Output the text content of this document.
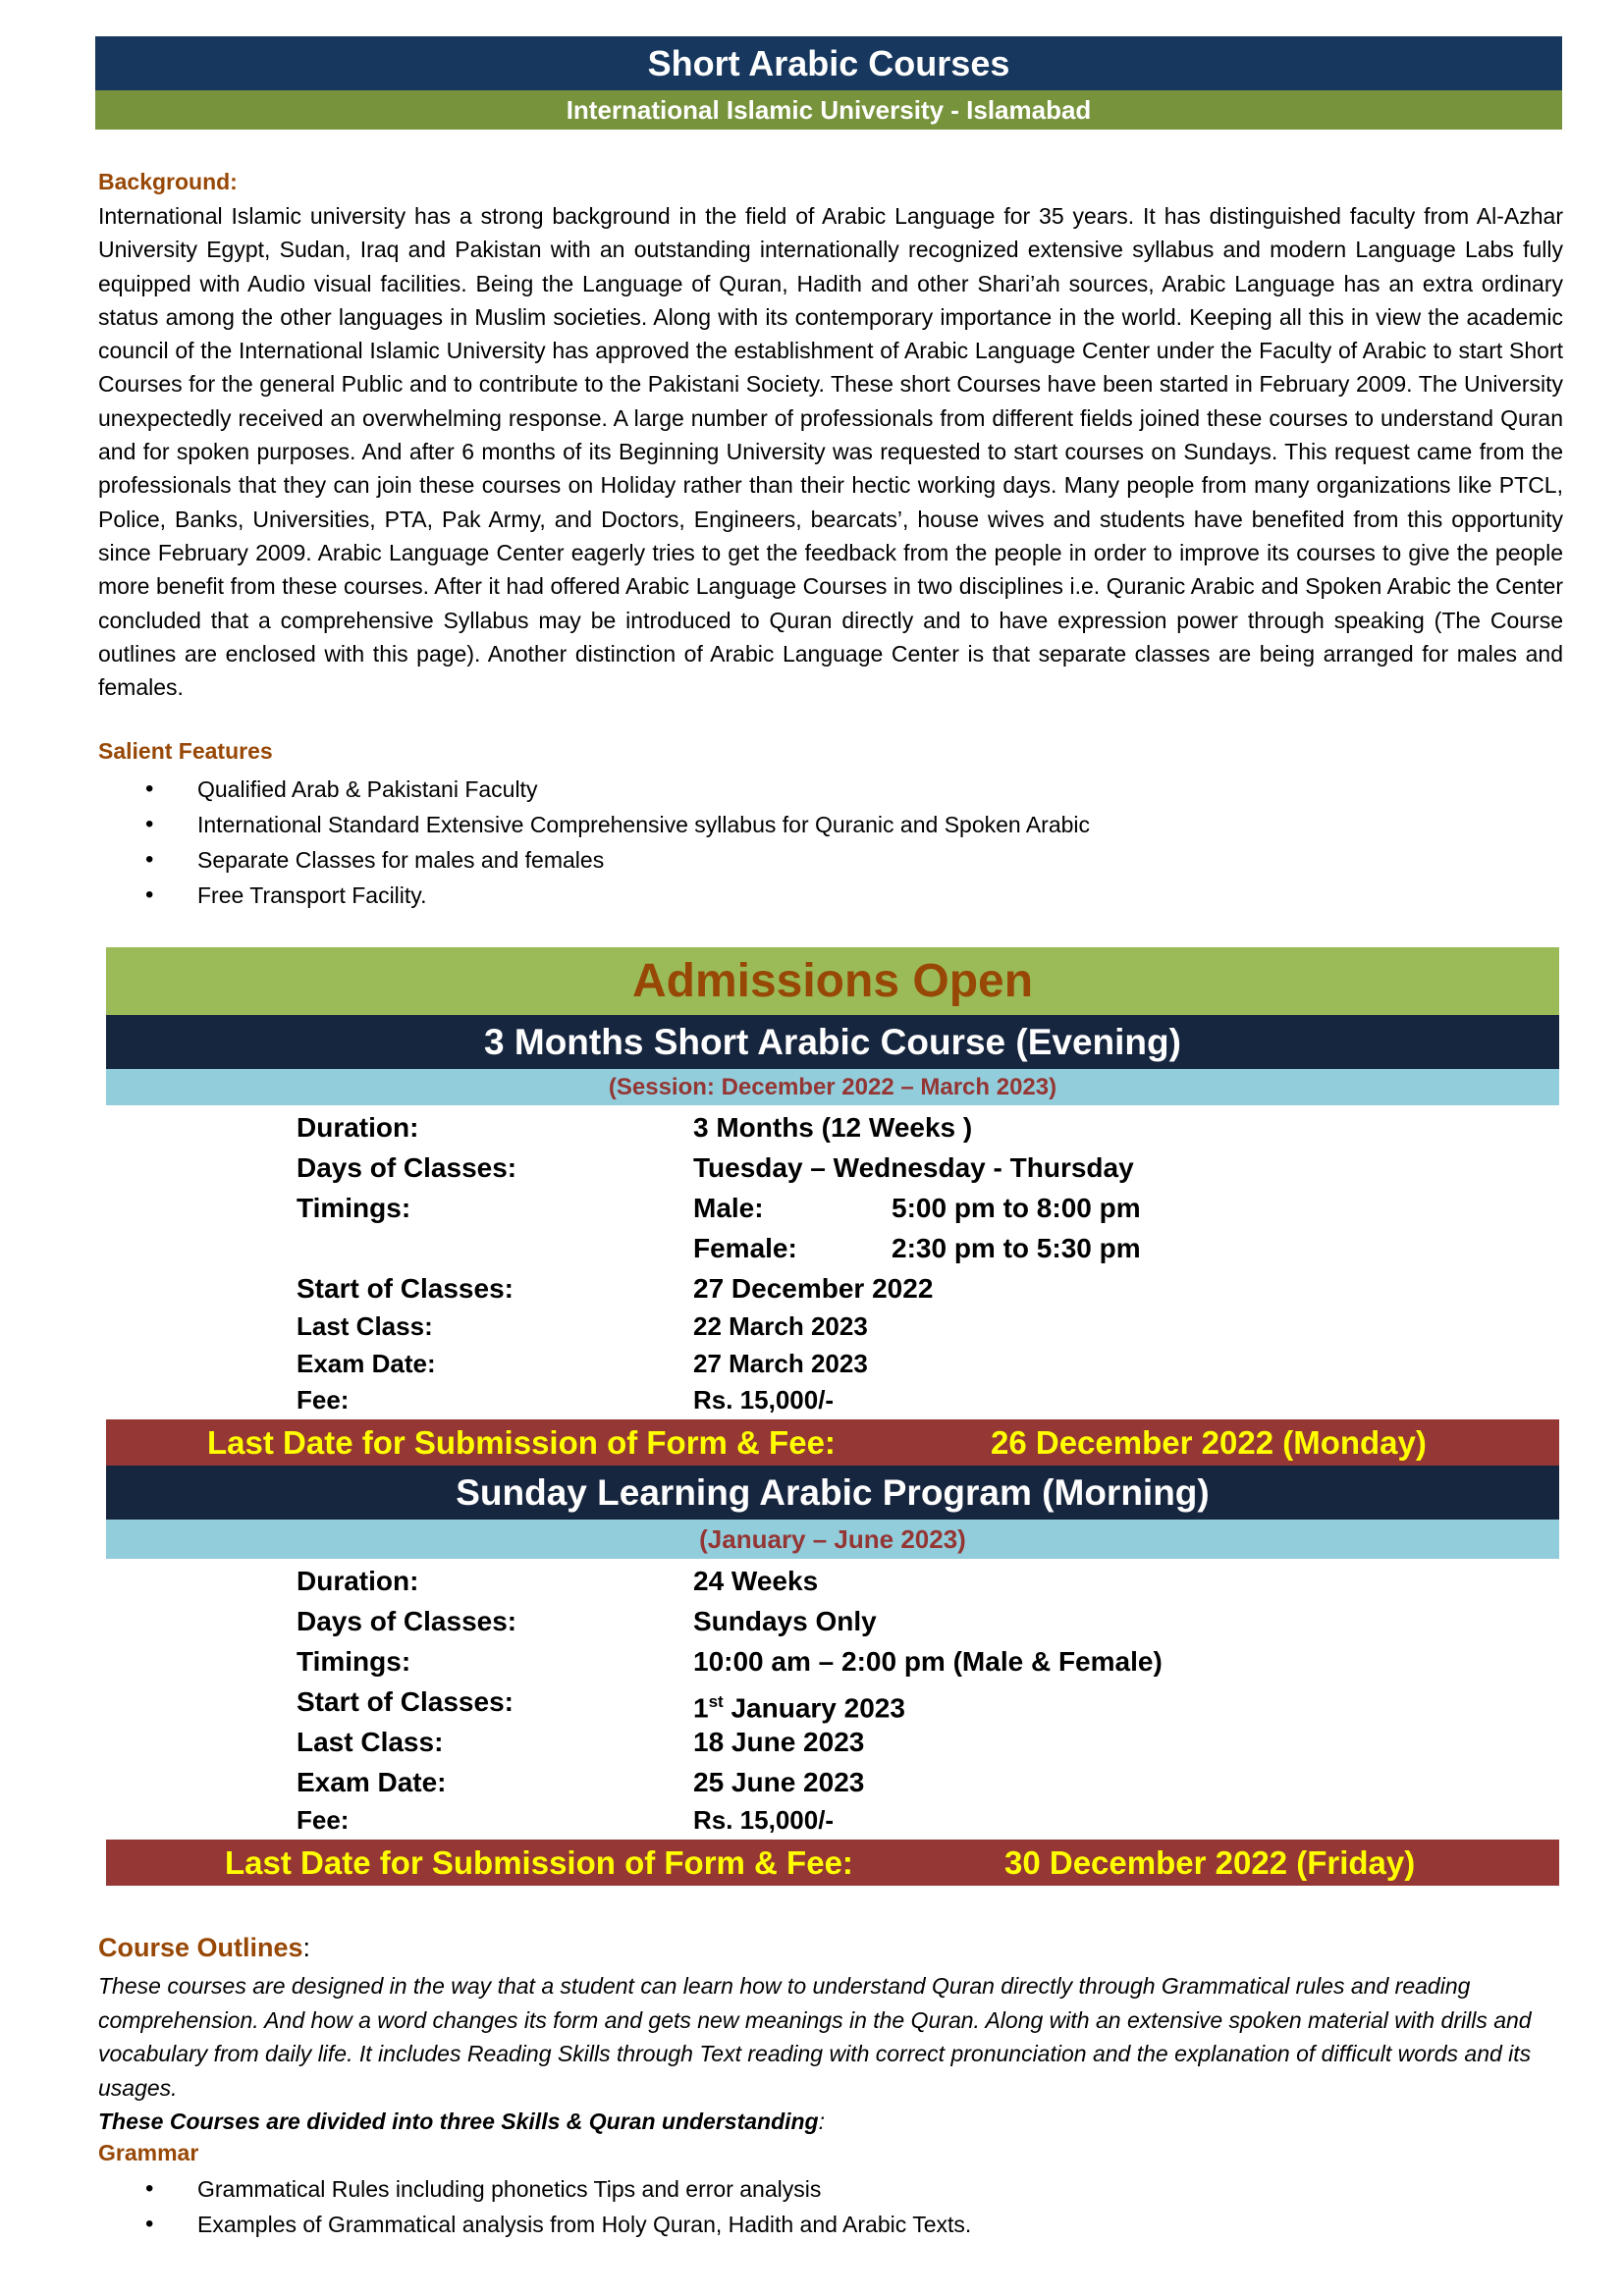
Short Arabic Courses
International Islamic University - Islamabad
Background:
International Islamic university has a strong background in the field of Arabic Language for 35 years. It has distinguished faculty from Al-Azhar University Egypt, Sudan, Iraq and Pakistan with an outstanding internationally recognized extensive syllabus and modern Language Labs fully equipped with Audio visual facilities. Being the Language of Quran, Hadith and other Shari’ah sources, Arabic Language has an extra ordinary status among the other languages in Muslim societies. Along with its contemporary importance in the world. Keeping all this in view the academic council of the International Islamic University has approved the establishment of Arabic Language Center under the Faculty of Arabic to start Short Courses for the general Public and to contribute to the Pakistani Society. These short Courses have been started in February 2009. The University unexpectedly received an overwhelming response. A large number of professionals from different fields joined these courses to understand Quran and for spoken purposes. And after 6 months of its Beginning University was requested to start courses on Sundays. This request came from the professionals that they can join these courses on Holiday rather than their hectic working days. Many people from many organizations like PTCL, Police, Banks, Universities, PTA, Pak Army, and Doctors, Engineers, bearcats’, house wives and students have benefited from this opportunity since February 2009. Arabic Language Center eagerly tries to get the feedback from the people in order to improve its courses to give the people more benefit from these courses. After it had offered Arabic Language Courses in two disciplines i.e. Quranic Arabic and Spoken Arabic the Center concluded that a comprehensive Syllabus may be introduced to Quran directly and to have expression power through speaking (The Course outlines are enclosed with this page). Another distinction of Arabic Language Center is that separate classes are being arranged for males and females.
Salient Features
• Qualified Arab & Pakistani Faculty
• International Standard Extensive Comprehensive syllabus for Quranic and Spoken Arabic
• Separate Classes for males and females
• Free Transport Facility.
Admissions Open
3 Months Short Arabic Course (Evening)
(Session: December 2022 – March 2023)
Duration:	3 Months (12 Weeks )
Days of Classes:	Tuesday – Wednesday - Thursday
Timings:	Male:	5:00 pm to 8:00 pm
Female:	2:30 pm to 5:30 pm
Start of Classes:	27 December 2022
Last Class:	22 March 2023
Exam Date:	27 March 2023
Fee:	Rs. 15,000/-
Last Date for Submission of Form & Fee:	26 December 2022 (Monday)
Sunday Learning Arabic Program (Morning)
(January – June 2023)
Duration:	24 Weeks
Days of Classes:	Sundays Only
Timings:	10:00 am – 2:00 pm (Male & Female)
Start of Classes:	1st January 2023
Last Class:	18 June 2023
Exam Date:	25 June 2023
Fee:	Rs. 15,000/-
Last Date for Submission of Form & Fee:	30 December 2022 (Friday)
Course Outlines:
These courses are designed in the way that a student can learn how to understand Quran directly through Grammatical rules and reading comprehension. And how a word changes its form and gets new meanings in the Quran. Along with an extensive spoken material with drills and vocabulary from daily life. It includes Reading Skills through Text reading with correct pronunciation and the explanation of difficult words and its usages.
These Courses are divided into three Skills & Quran understanding:
Grammar
• Grammatical Rules including phonetics Tips and error analysis
• Examples of Grammatical analysis from Holy Quran, Hadith and Arabic Texts.
